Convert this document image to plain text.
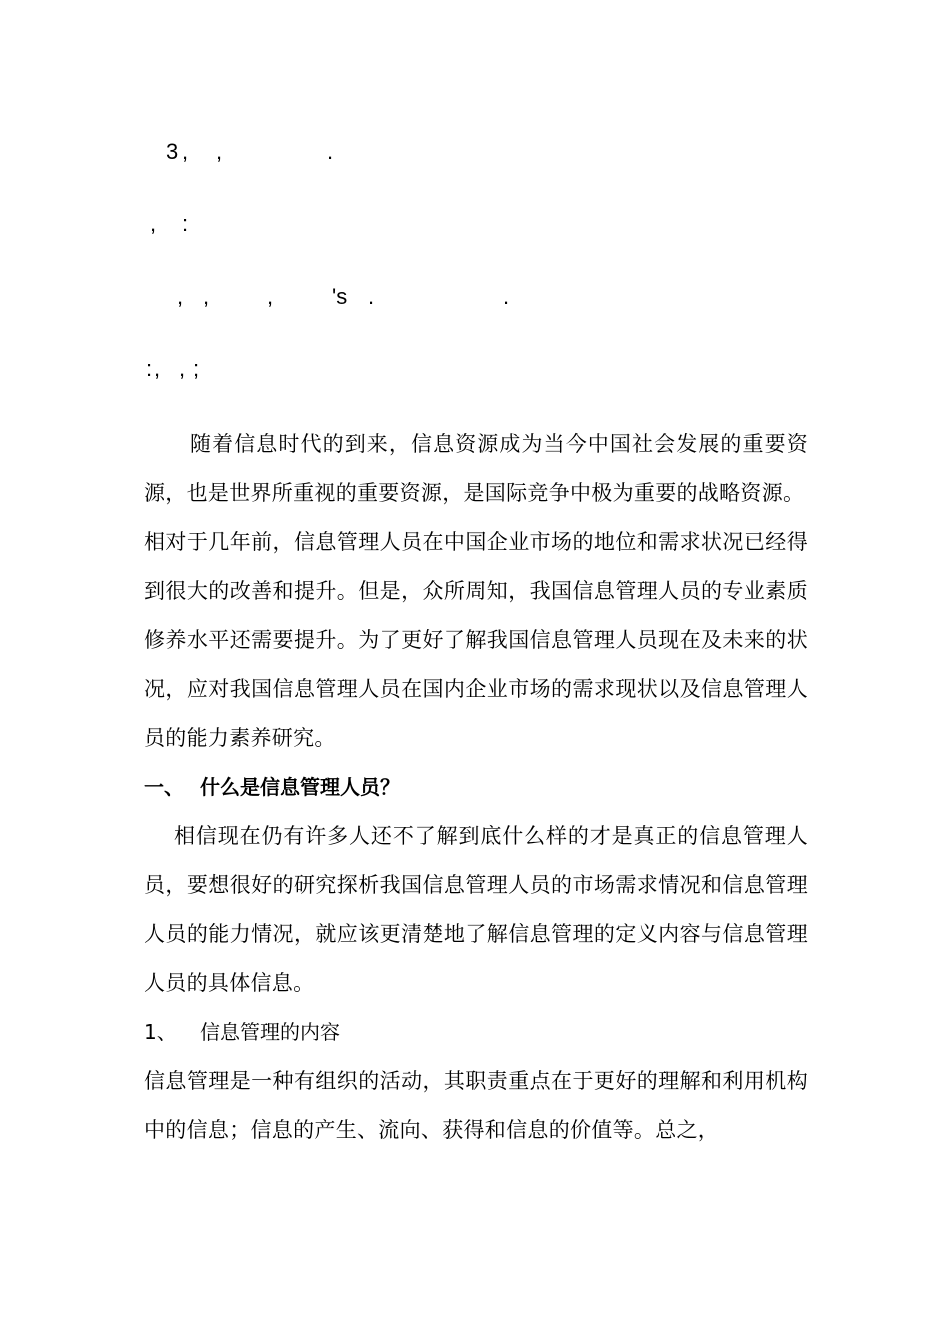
3 , ,	.
, :
, ,	,	's .	.
: , , ;

随着信息时代的到来，信息资源成为当今中国社会发展的重要资源，也是世界所重视的重要资源，是国际竞争中极为重要的战略资源。

相对于几年前，信息管理人员在中国企业市场的地位和需求状况已经得到很大的改善和提升。但是，众所周知，我国信息管理人员的专业素质修养水平还需要提升。为了更好了解我国信息管理人员现在及未来的状况，应对我国信息管理人员在国内企业市场的需求现状以及信息管理人员的能力素养研究。

一、 什么是信息管理人员？

相信现在仍有许多人还不了解到底什么样的才是真正的信息管理人员，要想很好的研究探析我国信息管理人员的市场需求情况和信息管理人员的能力情况，就应该更清楚地了解信息管理的定义内容与信息管理人员的具体信息。

1、 信息管理的内容

信息管理是一种有组织的活动，其职责重点在于更好的理解和利用机构中的信息；信息的产生、流向、获得和信息的价值等。总之，
